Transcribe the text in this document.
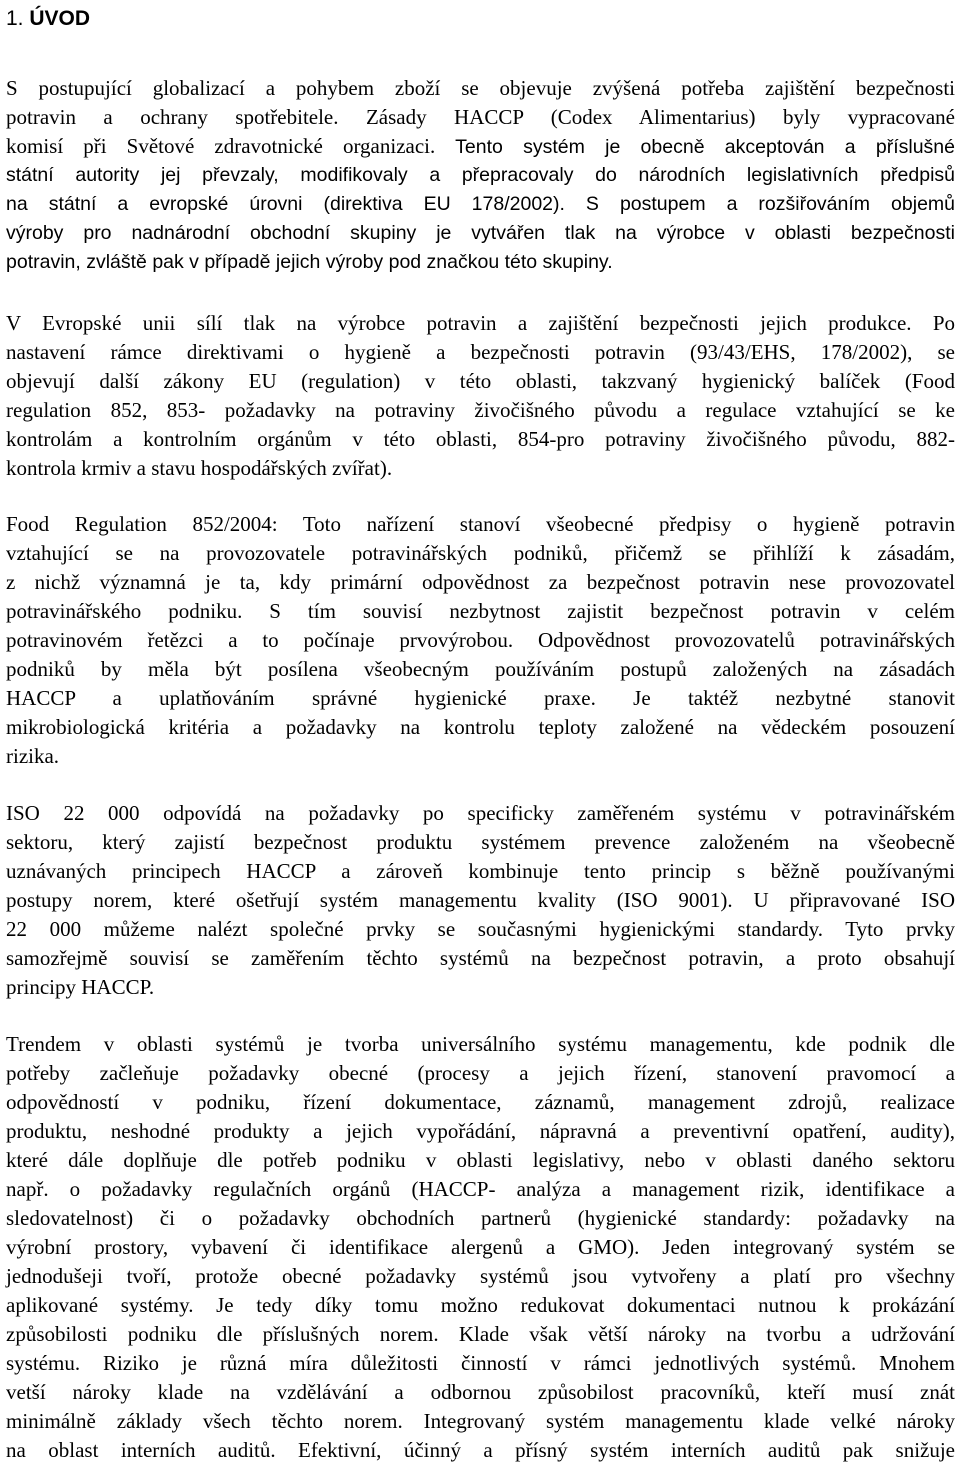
1. ÚVOD
S postupující globalizací a pohybem zboží se objevuje zvýšená potřeba zajištění bezpečnosti
potravin a ochrany spotřebitele. Zásady HACCP (Codex Alimentarius) byly vypracované
komisí při Světové zdravotnické organizaci. Tento systém je obecně akceptován a příslušné
státní autority jej převzaly, modifikovaly a přepracovaly do národních legislativních předpisů
na státní a evropské úrovni (direktiva EU 178/2002). S postupem a rozšiřováním objemů
výroby pro nadnárodní obchodní skupiny je vytvářen tlak na výrobce v oblasti bezpečnosti
potravin, zvláště pak v případě jejich výroby pod značkou této skupiny.
V Evropské unii sílí tlak na výrobce potravin a zajištění bezpečnosti jejich produkce. Po
nastavení rámce direktivami o hygieně a bezpečnosti potravin (93/43/EHS, 178/2002), se
objevují další zákony EU (regulation) v této oblasti, takzvaný hygienický balíček (Food
regulation 852, 853- požadavky na potraviny živočišného původu a regulace vztahující se ke
kontrolám a kontrolním orgánům v této oblasti, 854-pro potraviny živočišného původu, 882-
kontrola krmiv a stavu hospodářských zvířat).
Food Regulation 852/2004: Toto nařízení stanoví všeobecné předpisy o hygieně potravin
vztahující se na provozovatele potravinářských podniků, přičemž se přihlíží k zásadám,
z nichž významná je ta, kdy primární odpovědnost za bezpečnost potravin nese provozovatel
potravinářského podniku. S tím souvisí nezbytnost zajistit bezpečnost potravin v celém
potravinovém řetězci a to počínaje prvovýrobou. Odpovědnost provozovatelů potravinářských
podniků by měla být posílena všeobecným používáním postupů založených na zásadách
HACCP a uplatňováním správné hygienické praxe. Je taktéž nezbytné stanovit
mikrobiologická kritéria a požadavky na kontrolu teploty založené na vědeckém posouzení
rizika.
ISO 22 000 odpovídá na požadavky po specificky zaměřeném systému v potravinářském
sektoru, který zajistí bezpečnost produktu systémem prevence založeném na všeobecně
uznávaných principech HACCP a zároveň kombinuje tento princip s běžně používanými
postupy norem, které ošetřují systém managementu kvality (ISO 9001). U připravované ISO
22 000 můžeme nalézt společné prvky se současnými hygienickými standardy. Tyto prvky
samozřejmě souvisí se zaměřením těchto systémů na bezpečnost potravin, a proto obsahují
principy HACCP.
Trendem v oblasti systémů je tvorba universálního systému managementu, kde podnik dle
potřeby začleňuje požadavky obecné (procesy a jejich řízení, stanovení pravomocí a
odpovědností v podniku, řízení dokumentace, záznamů, management zdrojů, realizace
produktu, neshodné produkty a jejich vypořádání, nápravná a preventivní opatření, audity),
které dále doplňuje dle potřeb podniku v oblasti legislativy, nebo v oblasti daného sektoru
např. o požadavky regulačních orgánů (HACCP- analýza a management rizik, identifikace a
sledovatelnost) či o požadavky obchodních partnerů (hygienické standardy: požadavky na
výrobní prostory, vybavení či identifikace alergenů a GMO). Jeden integrovaný systém se
jednodušeji tvoří, protože obecné požadavky systémů jsou vytvořeny a platí pro všechny
aplikované systémy. Je tedy díky tomu možno redukovat dokumentaci nutnou k prokázání
způsobilosti podniku dle příslušných norem. Klade však větší nároky na tvorbu a udržování
systému. Riziko je různá míra důležitosti činností v rámci jednotlivých systémů. Mnohem
vetší nároky klade na vzdělávání a odbornou způsobilost pracovníků, kteří musí znát
minimálně základy všech těchto norem. Integrovaný systém managementu klade velké nároky
na oblast interních auditů. Efektivní, účinný a přísný systém interních auditů pak snižuje
